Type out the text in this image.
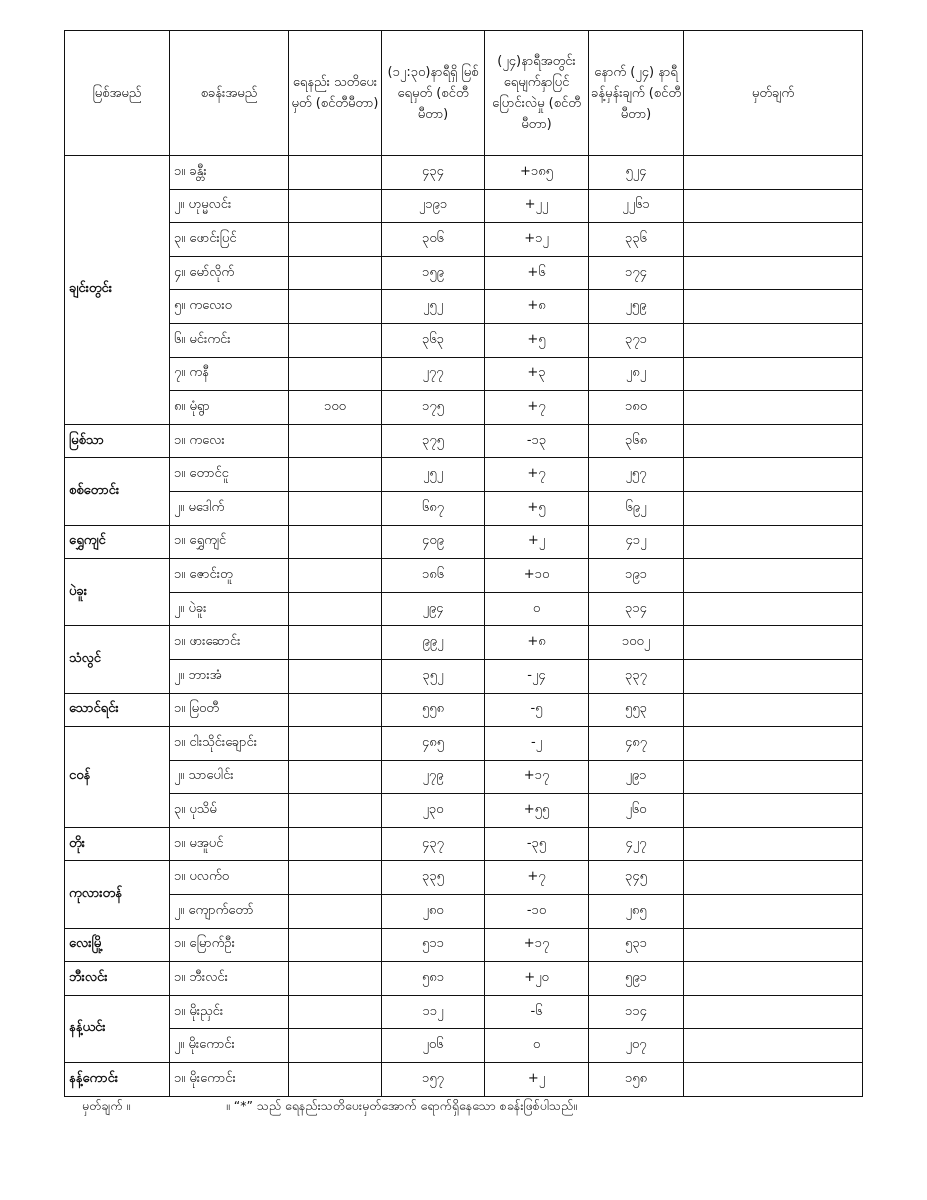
မြစ်အမည်	စခန်းအမည်	ရေနည်း သတိပေးမှတ် (စင်တီမီတာ)	(၁၂:၃၀)နာရီရှိ မြစ်ရေမှတ် (စင်တီမီတာ)	(၂၄)နာရီအတွင်း ရေမျက်နှာပြင် ပြောင်းလဲမှု (စင်တီမီတာ)	နောက် (၂၄) နာရီ ခန့်မှန်းချက် (စင်တီမီတာ)	မှတ်ချက်
ချင်းတွင်း	၁။ ခန္တီး		၄၃၄	+၁၈၅	၅၂၄	
	၂။ ဟုမ္မလင်း		၂၁၉၁	+၂၂	၂၂၆၁	
	၃။ ဖောင်းပြင်		၃၀၆	+၁၂	၃၃၆	
	၄။ မော်လိုက်		၁၅၉	+၆	၁၇၄	
	၅။ ကလေးဝ		၂၅၂	+၈	၂၅၉	
	၆။ မင်းကင်း		၃၆၃	+၅	၃၇၁	
	၇။ ကနီ		၂၇၇	+၃	၂၈၂	
	၈။ မုံရွာ	၁၀၀	၁၇၅	+၇	၁၈၀	
မြစ်သာ	၁။ ကလေး		၃၇၅	-၁၃	၃၆၈	
စစ်တောင်း	၁။ တောင်ငူ		၂၅၂	+၇	၂၅၇	
	၂။ မဒေါက်		၆၈၇	+၅	၆၉၂	
ရွှေကျင်	၁။ ရွှေကျင်		၄၀၉	+၂	၄၁၂	
ပဲခူး	၁။ ဇောင်းတူ		၁၈၆	+၁၀	၁၉၁	
	၂။ ပဲခူး		၂၉၄	၀	၃၁၄	
သံလွင်	၁။ ဖားဆောင်း		၉၉၂	+၈	၁၀၀၂	
	၂။ ဘားအံ		၃၅၂	-၂၄	၃၃၇	
သောင်ရင်း	၁။ မြဝတီ		၅၅၈	-၅	၅၅၃	
ငဝန်	၁။ ငါးသိုင်းချောင်း		၄၈၅	-၂	၄၈၇	
	၂။ သာပေါင်း		၂၇၉	+၁၇	၂၉၁	
	၃။ ပုသိမ်		၂၃၀	+၅၅	၂၆၀	
တိုး	၁။ မအူပင်		၄၃၇	-၃၅	၄၂၇	
ကုလားတန်	၁။ ပလက်ဝ		၃၃၅	+၇	၃၄၅	
	၂။ ကျောက်တော်		၂၈၀	-၁၀	၂၈၅	
လေးမြို့	၁။ မြောက်ဦး		၅၁၁	+၁၇	၅၃၁	
ဘီးလင်း	၁။ ဘီးလင်း		၅၈၁	+၂၀	၅၉၁	
နန့်ယင်း	၁။ မိုးညှင်း		၁၁၂	-၆	၁၁၄	
	၂။ မိုးကောင်း		၂၀၆	၀	၂၀၇	
နန့်ကောင်း	၁။ မိုးကောင်း		၁၅၇	+၂	၁၅၈	
မှတ်ချက် ။	။ “*” သည် ရေနည်းသတိပေးမှတ်အောက် ရောက်ရှိနေသော စခန်းဖြစ်ပါသည်။
